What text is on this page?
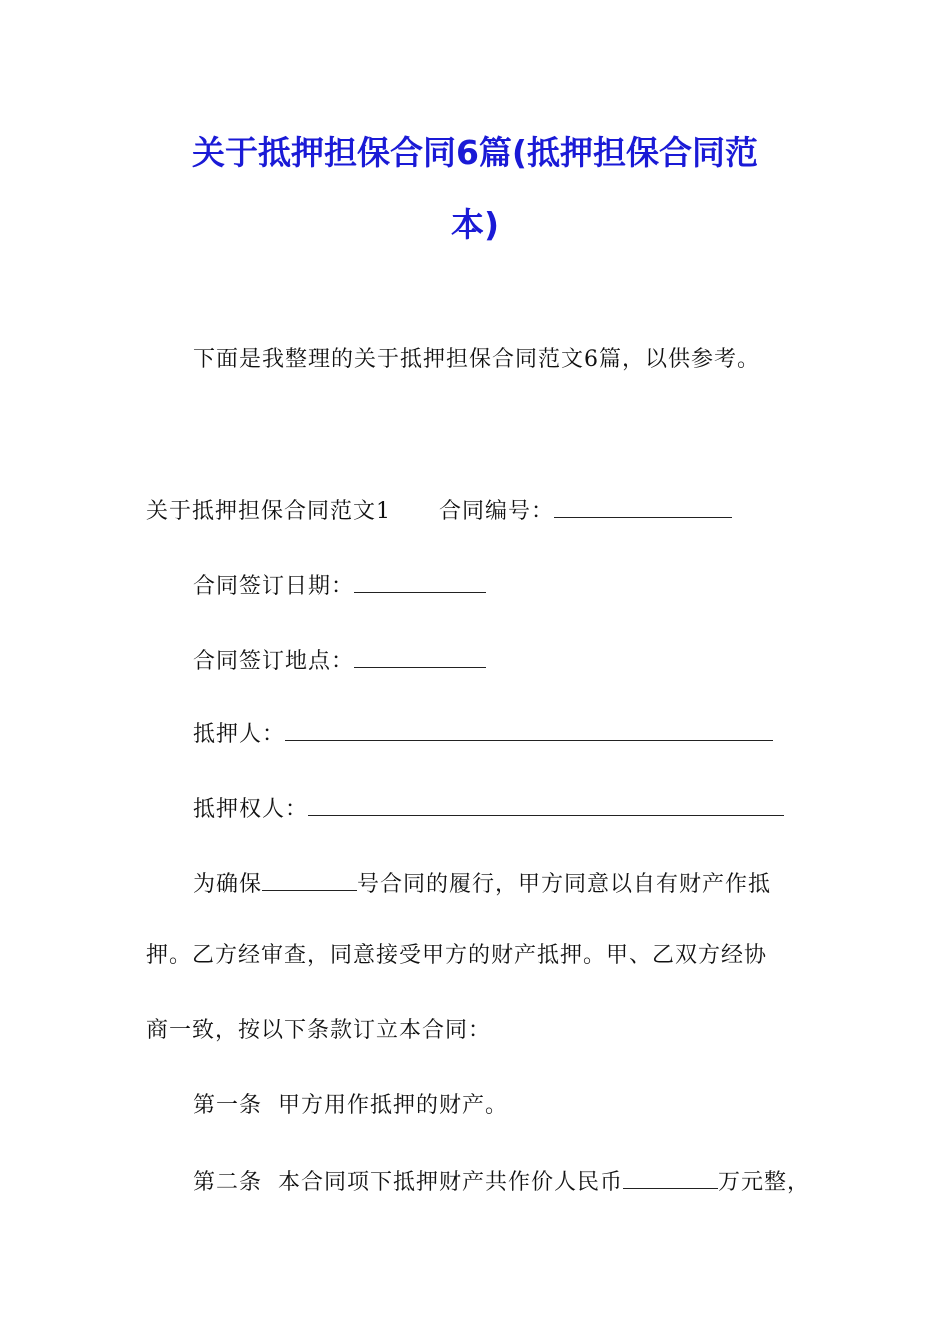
关于抵押担保合同6篇(抵押担保合同范
本)
下面是我整理的关于抵押担保合同范文6篇，以供参考。
关于抵押担保合同范文1 合同编号：
合同签订日期：
合同签订地点：
抵押人：
抵押权人：
为确保	号合同的履行，甲方同意以自有财产作抵
押。乙方经审查，同意接受甲方的财产抵押。甲、乙双方经协
商一致，按以下条款订立本合同：
第一条  甲方用作抵押的财产。
第二条  本合同项下抵押财产共作价人民币	万元整，
